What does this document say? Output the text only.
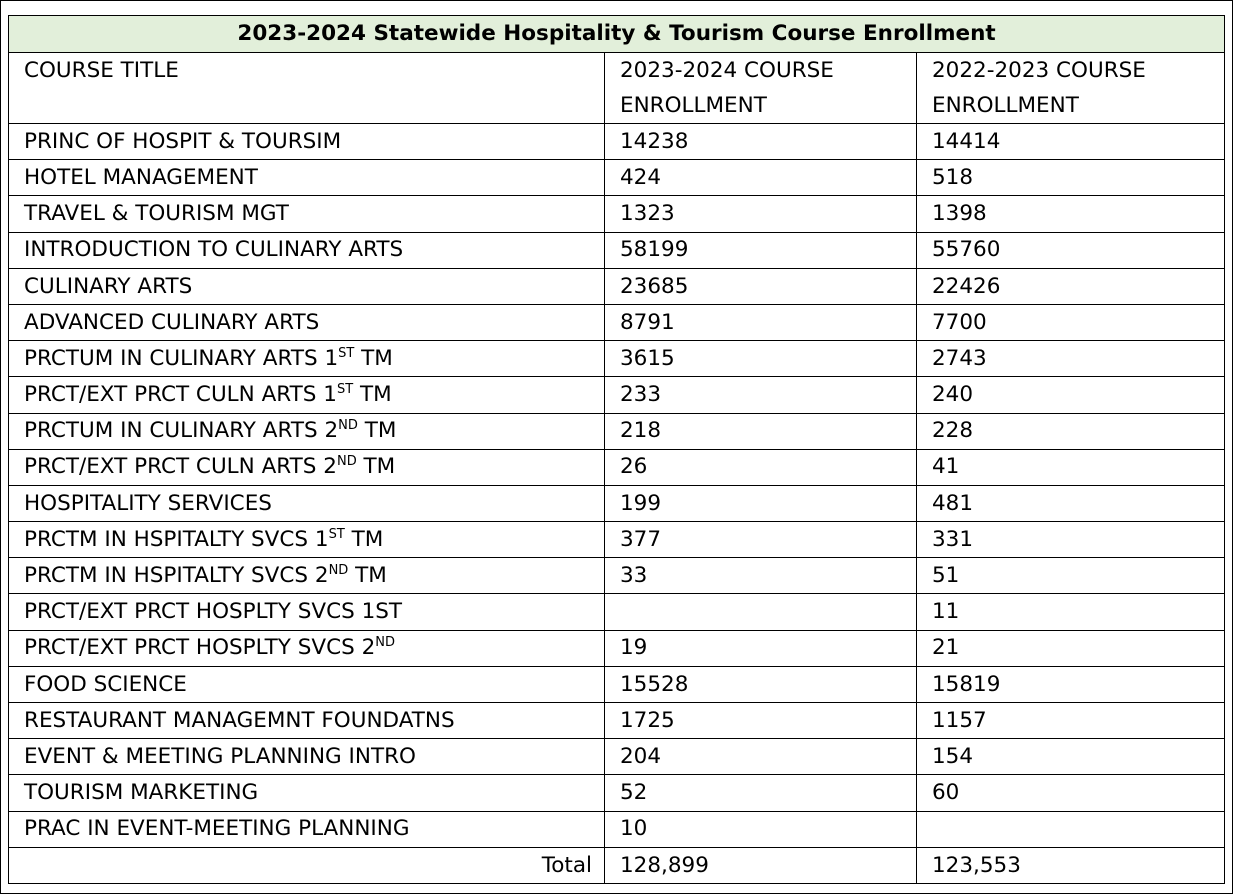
2023-2024 Statewide Hospitality & Tourism Course Enrollment		
COURSE TITLE	2023-2024 COURSE ENROLLMENT	2022-2023 COURSE ENROLLMENT
PRINC OF HOSPIT & TOURSIM	14238	14414
HOTEL MANAGEMENT	424	518
TRAVEL & TOURISM MGT	1323	1398
INTRODUCTION TO CULINARY ARTS	58199	55760
CULINARY ARTS	23685	22426
ADVANCED CULINARY ARTS	8791	7700
PRCTUM IN CULINARY ARTS 1ST TM	3615	2743
PRCT/EXT PRCT CULN ARTS 1ST TM	233	240
PRCTUM IN CULINARY ARTS 2ND TM	218	228
PRCT/EXT PRCT CULN ARTS 2ND TM	26	41
HOSPITALITY SERVICES	199	481
PRCTM IN HSPITALTY SVCS 1ST TM	377	331
PRCTM IN HSPITALTY SVCS 2ND TM	33	51
PRCT/EXT PRCT HOSPLTY SVCS 1ST		11
PRCT/EXT PRCT HOSPLTY SVCS 2ND	19	21
FOOD SCIENCE	15528	15819
RESTAURANT MANAGEMNT FOUNDATNS	1725	1157
EVENT & MEETING PLANNING INTRO	204	154
TOURISM MARKETING	52	60
PRAC IN EVENT-MEETING PLANNING	10	
Total	128,899	123,553
